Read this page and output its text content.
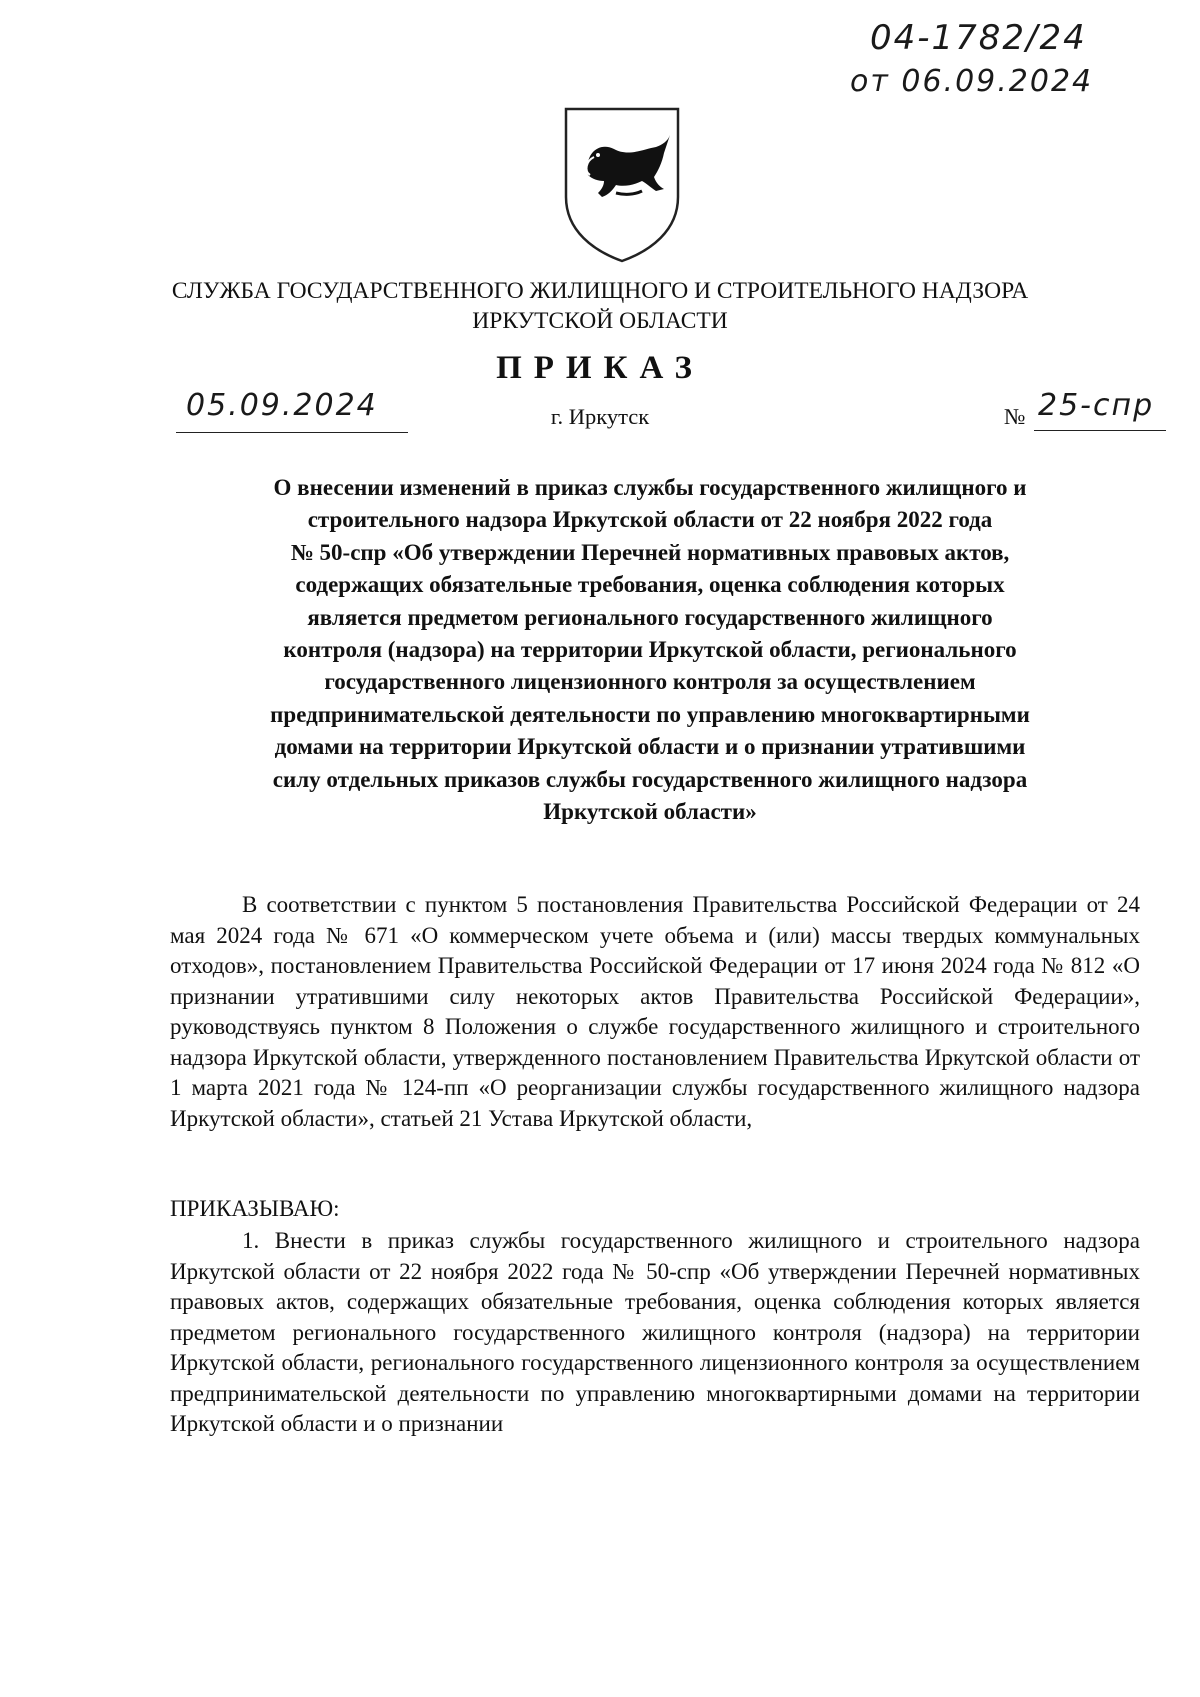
04-1782/24
от 06.09.2024
СЛУЖБА ГОСУДАРСТВЕННОГО ЖИЛИЩНОГО И СТРОИТЕЛЬНОГО НАДЗОРА
ИРКУТСКОЙ ОБЛАСТИ
ПРИКАЗ
05.09.2024	г. Иркутск	№ 25-спр
О внесении изменений в приказ службы государственного жилищного и
строительного надзора Иркутской области от 22 ноября 2022 года
№ 50-спр «Об утверждении Перечней нормативных правовых актов,
содержащих обязательные требования, оценка соблюдения которых
является предметом регионального государственного жилищного
контроля (надзора) на территории Иркутской области, регионального
государственного лицензионного контроля за осуществлением
предпринимательской деятельности по управлению многоквартирными
домами на территории Иркутской области и о признании утратившими
силу отдельных приказов службы государственного жилищного надзора
Иркутской области»
В соответствии с пунктом 5 постановления Правительства Российской Федерации от 24 мая 2024 года № 671 «О коммерческом учете объема и (или) массы твердых коммунальных отходов», постановлением Правительства Российской Федерации от 17 июня 2024 года № 812 «О признании утратившими силу некоторых актов Правительства Российской Федерации», руководствуясь пунктом 8 Положения о службе государственного жилищного и строительного надзора Иркутской области, утвержденного постановлением Правительства Иркутской области от 1 марта 2021 года № 124-пп «О реорганизации службы государственного жилищного надзора Иркутской области», статьей 21 Устава Иркутской области,
ПРИКАЗЫВАЮ:
1. Внести в приказ службы государственного жилищного и строительного надзора Иркутской области от 22 ноября 2022 года № 50-спр «Об утверждении Перечней нормативных правовых актов, содержащих обязательные требования, оценка соблюдения которых является предметом регионального государственного жилищного контроля (надзора) на территории Иркутской области, регионального государственного лицензионного контроля за осуществлением предпринимательской деятельности по управлению многоквартирными домами на территории Иркутской области и о признании
